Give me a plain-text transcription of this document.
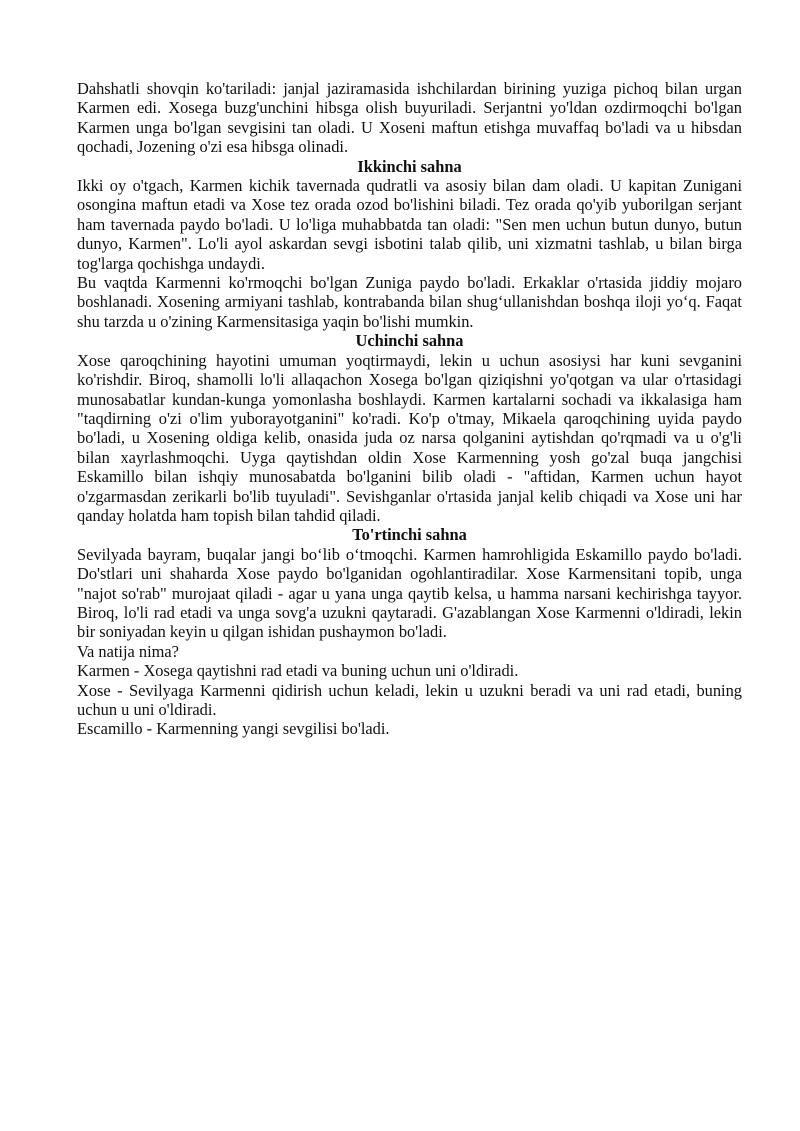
Dahshatli shovqin ko'tariladi: janjal jaziramasida ishchilardan birining yuziga pichoq bilan urgan Karmen edi. Xosega buzg'unchini hibsga olish buyuriladi. Serjantni yo'ldan ozdirmoqchi bo'lgan Karmen unga bo'lgan sevgisini tan oladi. U Xoseni maftun etishga muvaffaq bo'ladi va u hibsdan qochadi, Jozening o'zi esa hibsga olinadi.

Ikkinchi sahna

Ikki oy o'tgach, Karmen kichik tavernada qudratli va asosiy bilan dam oladi. U kapitan Zunigani osongina maftun etadi va Xose tez orada ozod bo'lishini biladi. Tez orada qo'yib yuborilgan serjant ham tavernada paydo bo'ladi. U lo'liga muhabbatda tan oladi: "Sen men uchun butun dunyo, butun dunyo, Karmen". Lo'li ayol askardan sevgi isbotini talab qilib, uni xizmatni tashlab, u bilan birga tog'larga qochishga undaydi.

Bu vaqtda Karmenni ko'rmoqchi bo'lgan Zuniga paydo bo'ladi. Erkaklar o'rtasida jiddiy mojaro boshlanadi. Xosening armiyani tashlab, kontrabanda bilan shug‘ullanishdan boshqa iloji yo‘q. Faqat shu tarzda u o'zining Karmensitasiga yaqin bo'lishi mumkin.

Uchinchi sahna

Xose qaroqchining hayotini umuman yoqtirmaydi, lekin u uchun asosiysi har kuni sevganini ko'rishdir. Biroq, shamolli lo'li allaqachon Xosega bo'lgan qiziqishni yo'qotgan va ular o'rtasidagi munosabatlar kundan-kunga yomonlasha boshlaydi. Karmen kartalarni sochadi va ikkalasiga ham "taqdirning o'zi o'lim yuborayotganini" ko'radi. Ko'p o'tmay, Mikaela qaroqchining uyida paydo bo'ladi, u Xosening oldiga kelib, onasida juda oz narsa qolganini aytishdan qo'rqmadi va u o'g'li bilan xayrlashmoqchi. Uyga qaytishdan oldin Xose Karmenning yosh go'zal buqa jangchisi Eskamillo bilan ishqiy munosabatda bo'lganini bilib oladi - "aftidan, Karmen uchun hayot o'zgarmasdan zerikarli bo'lib tuyuladi". Sevishganlar o'rtasida janjal kelib chiqadi va Xose uni har qanday holatda ham topish bilan tahdid qiladi.

To'rtinchi sahna

Sevilyada bayram, buqalar jangi bo‘lib o‘tmoqchi. Karmen hamrohligida Eskamillo paydo bo'ladi. Do'stlari uni shaharda Xose paydo bo'lganidan ogohlantiradilar. Xose Karmensitani topib, unga "najot so'rab" murojaat qiladi - agar u yana unga qaytib kelsa, u hamma narsani kechirishga tayyor. Biroq, lo'li rad etadi va unga sovg'a uzukni qaytaradi. G'azablangan Xose Karmenni o'ldiradi, lekin bir soniyadan keyin u qilgan ishidan pushaymon bo'ladi.

Va natija nima?

Karmen - Xosega qaytishni rad etadi va buning uchun uni o'ldiradi.

Xose - Sevilyaga Karmenni qidirish uchun keladi, lekin u uzukni beradi va uni rad etadi, buning uchun u uni o'ldiradi.

Escamillo - Karmenning yangi sevgilisi bo'ladi.
